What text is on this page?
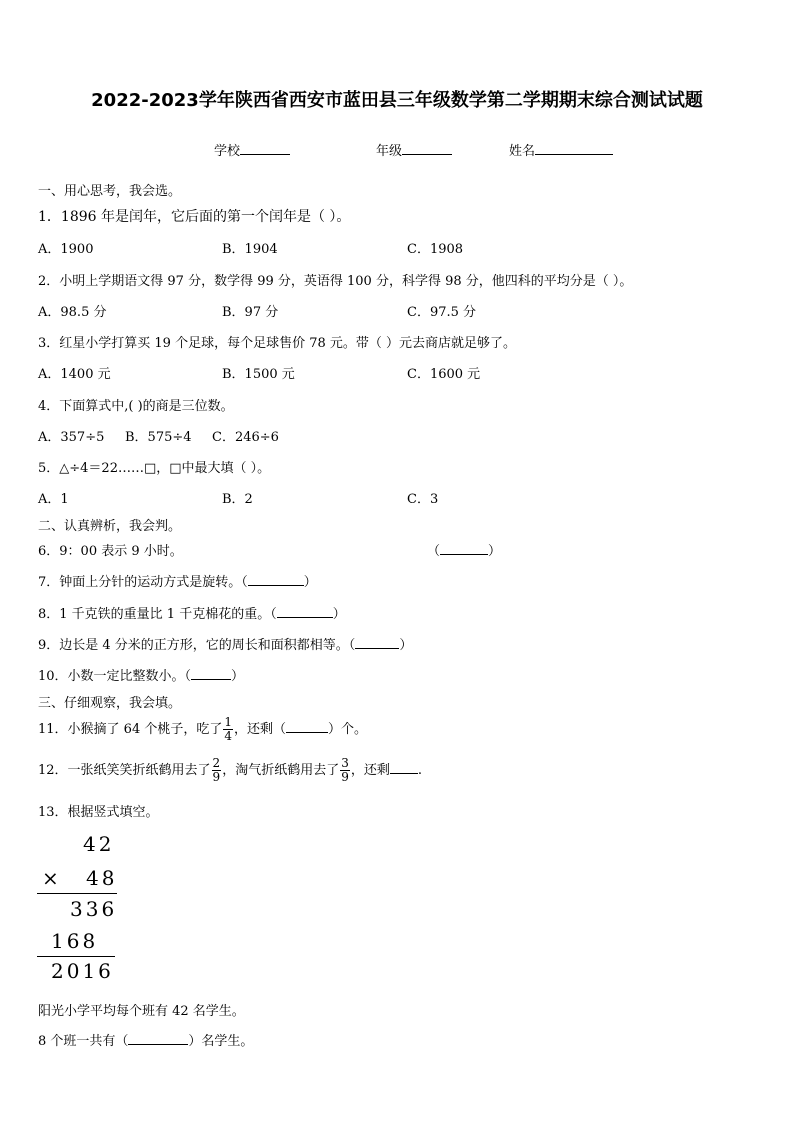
2022-2023学年陕西省西安市蓝田县三年级数学第二学期期末综合测试试题
学校	年级	姓名
一、用心思考，我会选。
1．1896 年是闰年，它后面的第一个闰年是（ ）。
A．1900	B．1904	C．1908
2．小明上学期语文得 97 分，数学得 99 分，英语得 100 分，科学得 98 分，他四科的平均分是（ ）。
A．98.5 分	B．97 分	C．97.5 分
3．红星小学打算买 19 个足球，每个足球售价 78 元。带（ ）元去商店就足够了。
A．1400 元	B．1500 元	C．1600 元
4．下面算式中,( )的商是三位数。
A．357÷5 B．575÷4 C．246÷6
5．△÷4＝22……□，□中最大填（ ）。
A．1	B．2	C．3
二、认真辨析，我会判。
6．9：00 表示 9 小时。	（	）
7．钟面上分针的运动方式是旋转。（	）
8．1 千克铁的重量比 1 千克棉花的重。（	）
9．边长是 4 分米的正方形，它的周长和面积都相等。（	）
10．小数一定比整数小。（	）
三、仔细观察，我会填。
11．小猴摘了 64 个桃子，吃了 $\frac{1}{4}$ ，还剩（	）个。
12．一张纸笑笑折纸鹤用去了 $\frac{2}{9}$ ，淘气折纸鹤用去了 $\frac{3}{9}$ ，还剩 .
13．根据竖式填空。
42
× 48
336
168
2016
阳光小学平均每个班有 42 名学生。
8 个班一共有（	）名学生。
